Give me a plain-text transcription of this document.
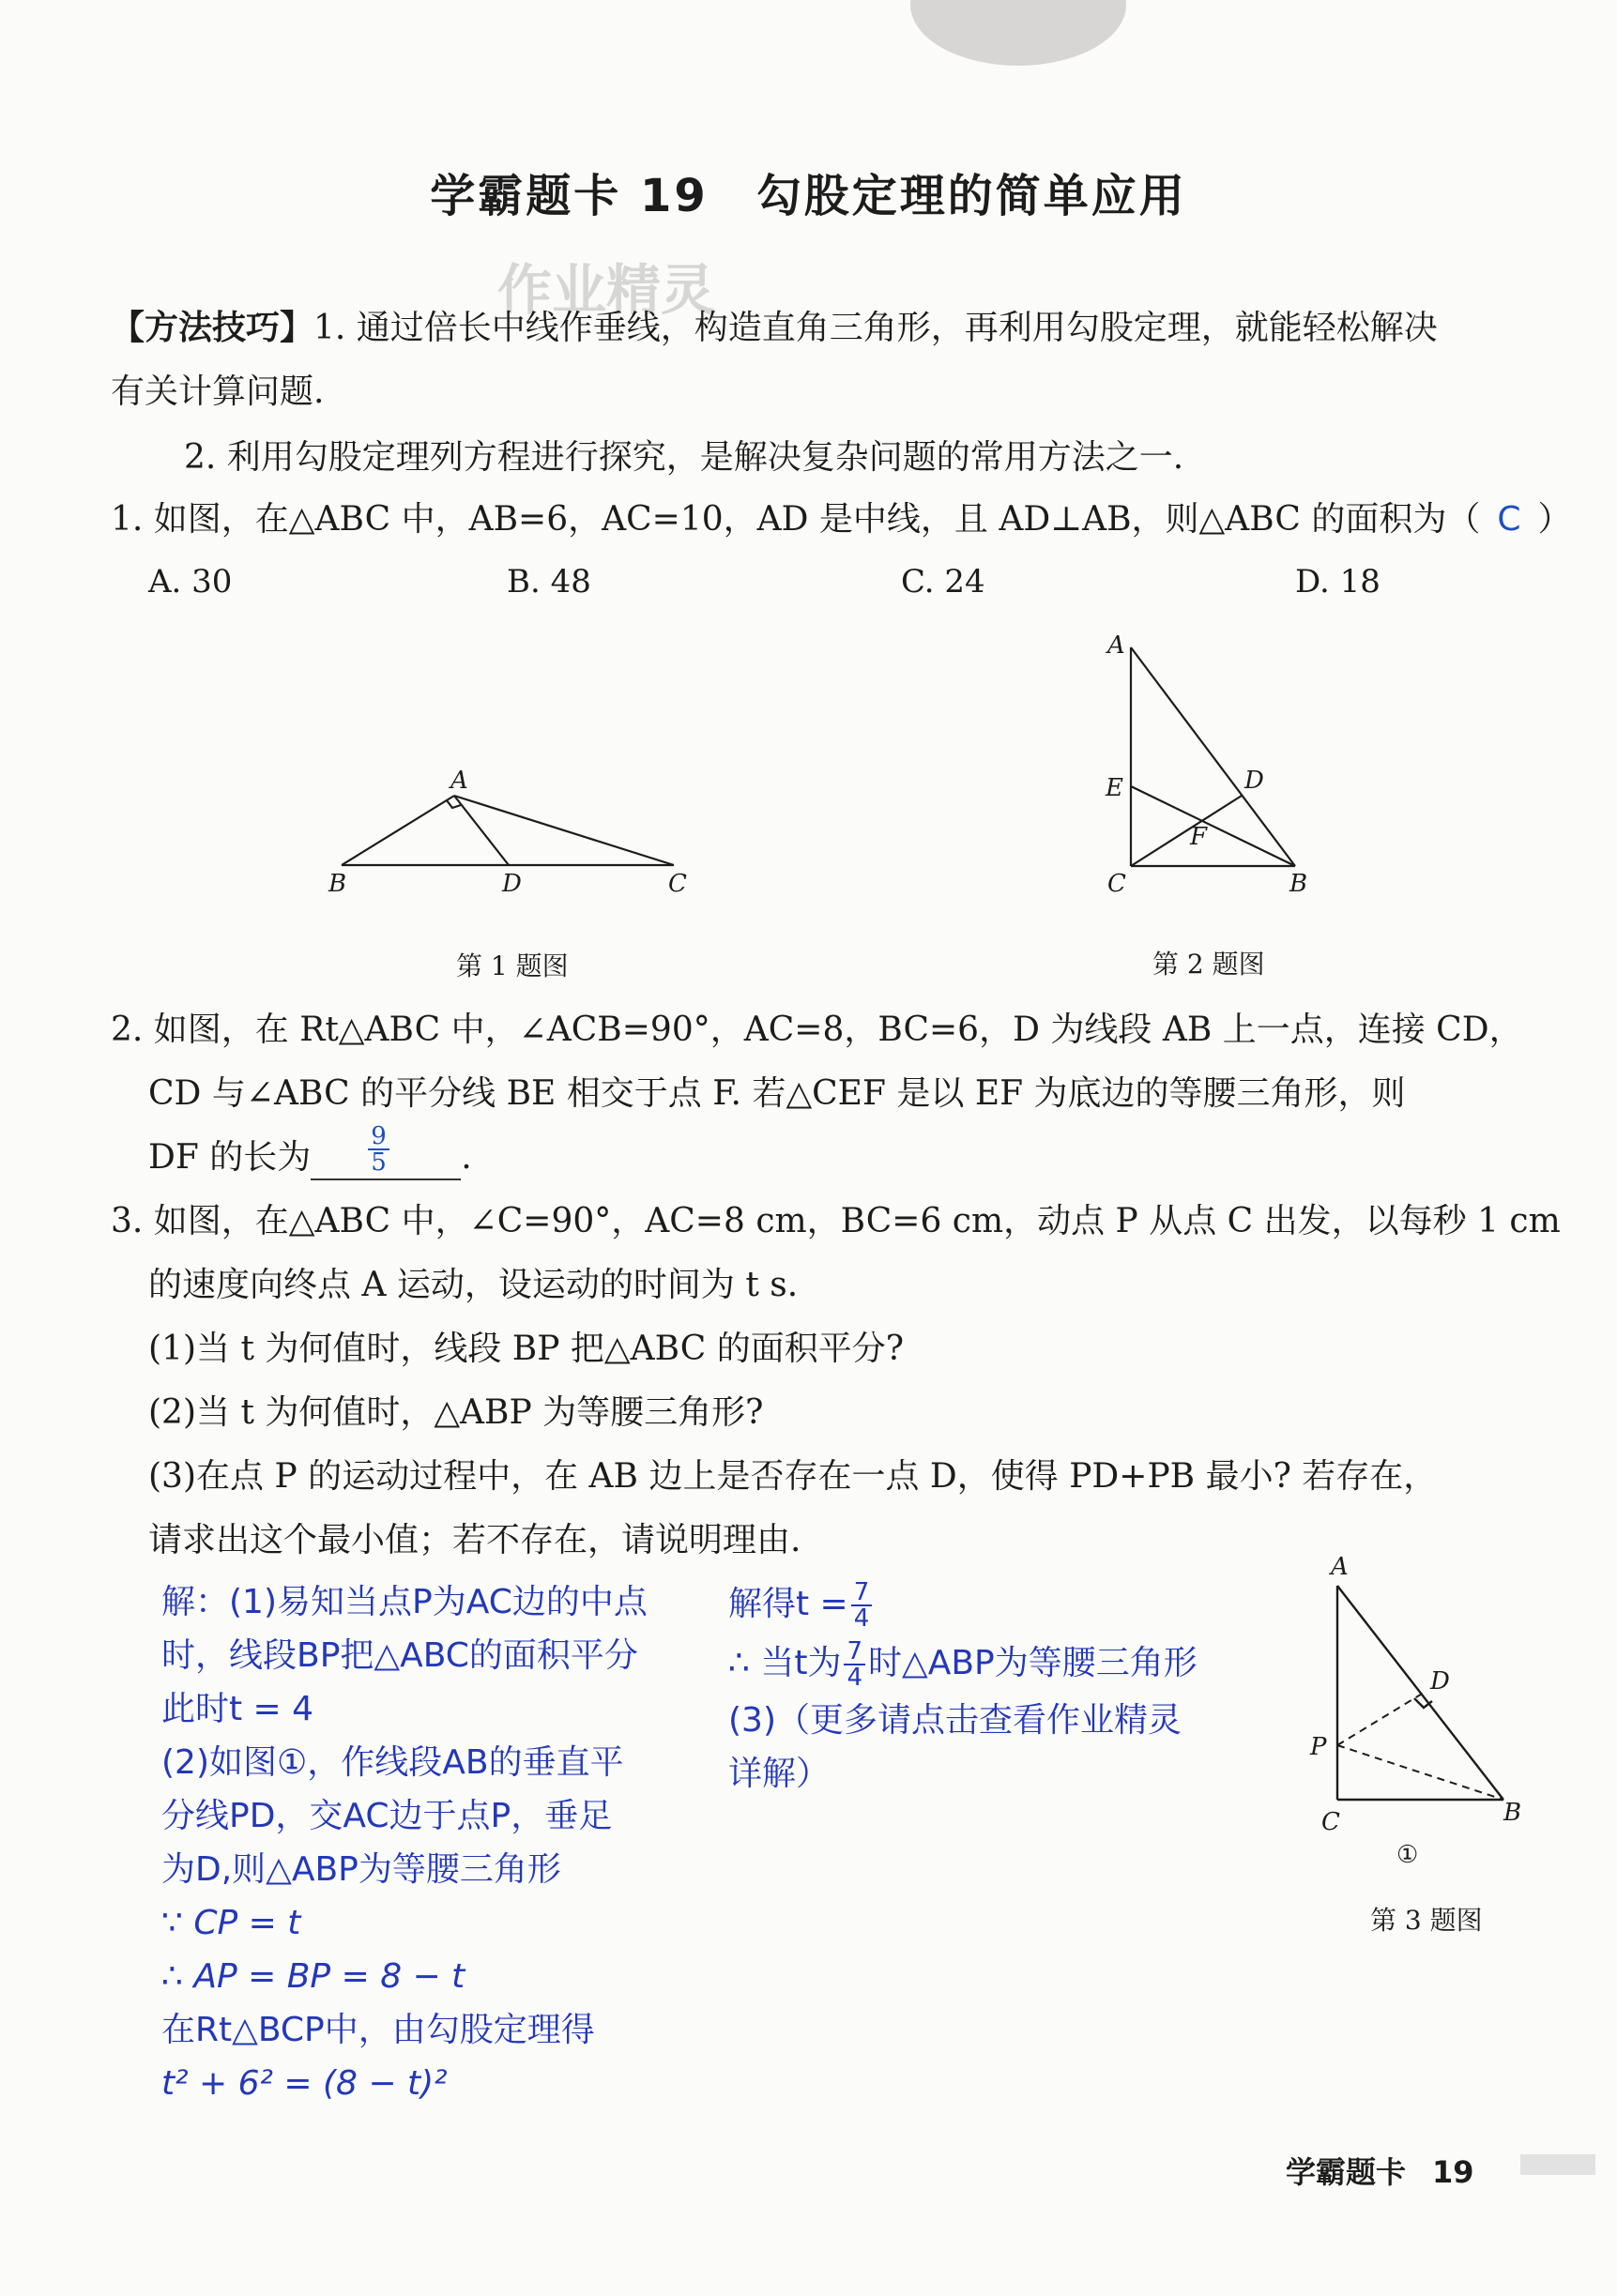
学霸题卡 19　勾股定理的简单应用
作业精灵
【方法技巧】1. 通过倍长中线作垂线，构造直角三角形，再利用勾股定理，就能轻松解决
有关计算问题.
2. 利用勾股定理列方程进行探究，是解决复杂问题的常用方法之一.
1. 如图，在△ABC 中，AB=6，AC=10，AD 是中线，且 AD⊥AB，则△ABC 的面积为（ C ）
A. 30	B. 48	C. 24	D. 18
A
B	D	C
第 1 题图
A
E	D
F
C	B
第 2 题图
2. 如图，在 Rt△ABC 中，∠ACB=90°，AC=8，BC=6，D 为线段 AB 上一点，连接 CD，
CD 与∠ABC 的平分线 BE 相交于点 F. 若△CEF 是以 EF 为底边的等腰三角形，则
DF 的长为 $\frac{9}{5}$ .
3. 如图，在△ABC 中，∠C=90°，AC=8 cm，BC=6 cm，动点 P 从点 C 出发，以每秒 1 cm
的速度向终点 A 运动，设运动的时间为 t s.
(1)当 t 为何值时，线段 BP 把△ABC 的面积平分?
(2)当 t 为何值时，△ABP 为等腰三角形?
(3)在点 P 的运动过程中，在 AB 边上是否存在一点 D，使得 PD+PB 最小? 若存在，
请求出这个最小值；若不存在，请说明理由.
解：(1)易知当点P为AC边的中点
时，线段BP把△ABC的面积平分
此时t = 4
(2)如图①，作线段AB的垂直平
分线PD，交AC边于点P，垂足
为D,则△ABP为等腰三角形
∵ CP = t
∴ AP = BP = 8 − t
在Rt△BCP中，由勾股定理得
t² + 6² = (8 − t)²
解得$t = \frac{7}{4}$
∴ 当t为 $\frac{7}{4}$ 时△ABP为等腰三角形
(3)（更多请点击查看作业精灵
详解）
A
D
P
C	B
①
第 3 题图
学霸题卡 19
